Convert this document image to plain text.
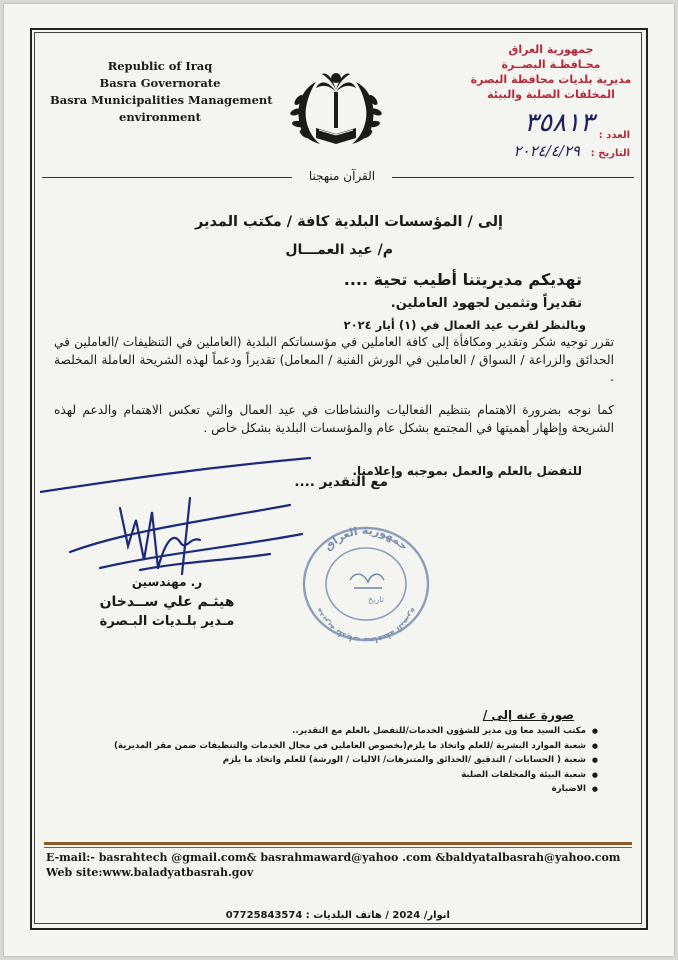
Republic of Iraq
Basra Governorate
Basra Municipalities Management
environment
جمهورية العراق
محـافظـة البصــرة
مديرية بلديات محافظة البصرة
المخلفات الصلبة والبيئة
العدد :
٣٥٨١٣
التاريخ :
٢٠٢٤/٤/٢٩
القرآن منهجنا
إلى / المؤسسات البلدية كافة / مكتب المدير
م/ عيد العمـــال
تهديكم مديريتنا أطيب تحية ....
تقديراً وتثمين لجهود العاملين.
وبالنظر لقرب عيد العمال في (١) أيار ٢٠٢٤
تقرر توجيه شكر وتقدير ومكافأة إلى كافة العاملين في مؤسساتكم البلدية (العاملين في التنظيفات /العاملين في الحدائق والزراعة / السواق / العاملين في الورش الفنية / المعامل) تقديراً ودعماً لهذه الشريحة العاملة المخلصة .
كما نوجه بضرورة الاهتمام بتنظيم الفعاليات والنشاطات في عيد العمال والتي تعكس الاهتمام والدعم لهذه الشريحة وإظهار أهميتها في المجتمع بشكل عام والمؤسسات البلدية بشكل خاص .
للتفضل بالعلم والعمل بموجبه وإعلامنا.
مع التقدير ....
جمهورية العراق
مديرية بلديات محافظة البصرة
تاريخ
ر. مهندسين
هيثـم علي ســدخان
مـدير بلـديات البـصرة
صورة عنه إلى /
● مكتب السيد معا ون مدير للشؤون الخدمات/للتفضل بالعلم مع التقدير..
● شعبة الموارد البشرية /للعلم واتخاذ ما يلزم(بخصوص العاملين في مجال الخدمات والتنظيفات ضمن مقر المديرية)
● شعبة ( الحسابات / التدقيق /الحدائق والمتنزهات/ الاليات / الورشة) للعلم واتخاذ ما يلزم
● شعبة البيئة والمخلفات الصلبة
● الاضبارة
E-mail:- basrahtech @gmail.com& basrahmaward@yahoo .com &baldyatalbasrah@yahoo.com
Web site:www.baladyatbasrah.gov
انوار/ 2024 / هاتف البلديات : 07725843574
